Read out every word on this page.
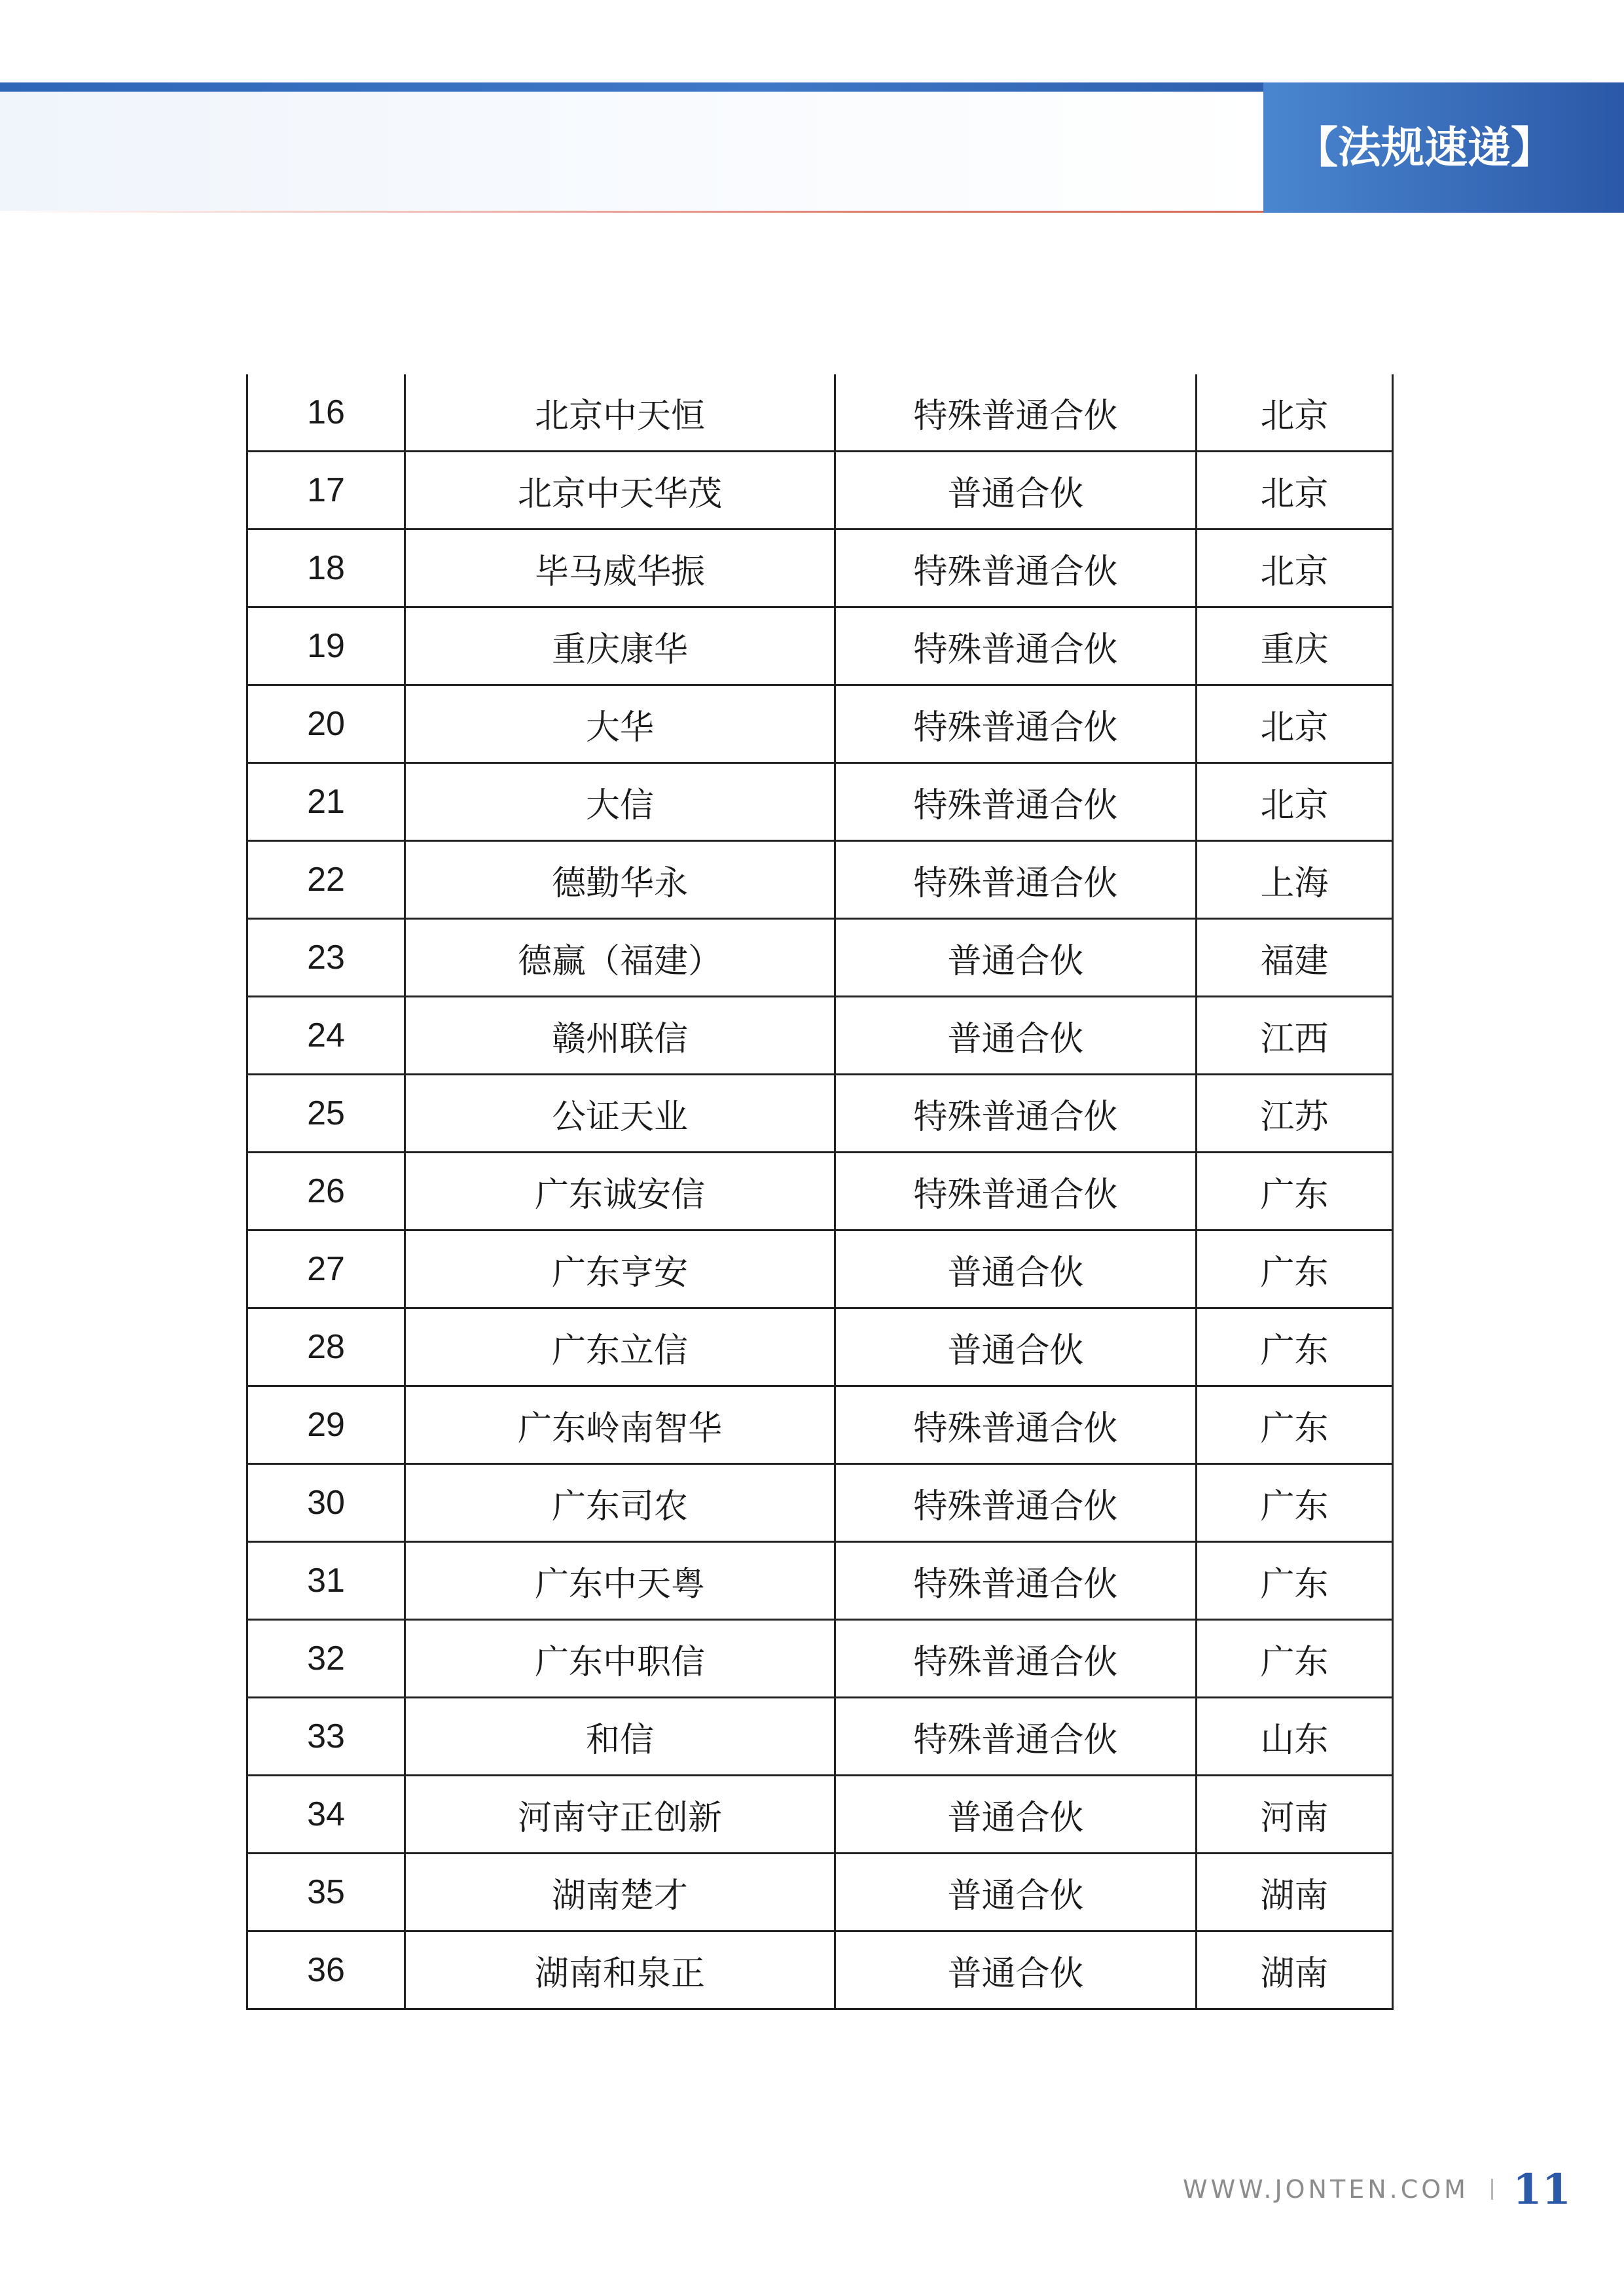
【法规速递】
16	北京中天恒	特殊普通合伙	北京
17	北京中天华茂	普通合伙	北京
18	毕马威华振	特殊普通合伙	北京
19	重庆康华	特殊普通合伙	重庆
20	大华	特殊普通合伙	北京
21	大信	特殊普通合伙	北京
22	德勤华永	特殊普通合伙	上海
23	德赢（福建）	普通合伙	福建
24	赣州联信	普通合伙	江西
25	公证天业	特殊普通合伙	江苏
26	广东诚安信	特殊普通合伙	广东
27	广东亨安	普通合伙	广东
28	广东立信	普通合伙	广东
29	广东岭南智华	特殊普通合伙	广东
30	广东司农	特殊普通合伙	广东
31	广东中天粤	特殊普通合伙	广东
32	广东中职信	特殊普通合伙	广东
33	和信	特殊普通合伙	山东
34	河南守正创新	普通合伙	河南
35	湖南楚才	普通合伙	湖南
36	湖南和泉正	普通合伙	湖南
WWW.JONTEN.COM 11
